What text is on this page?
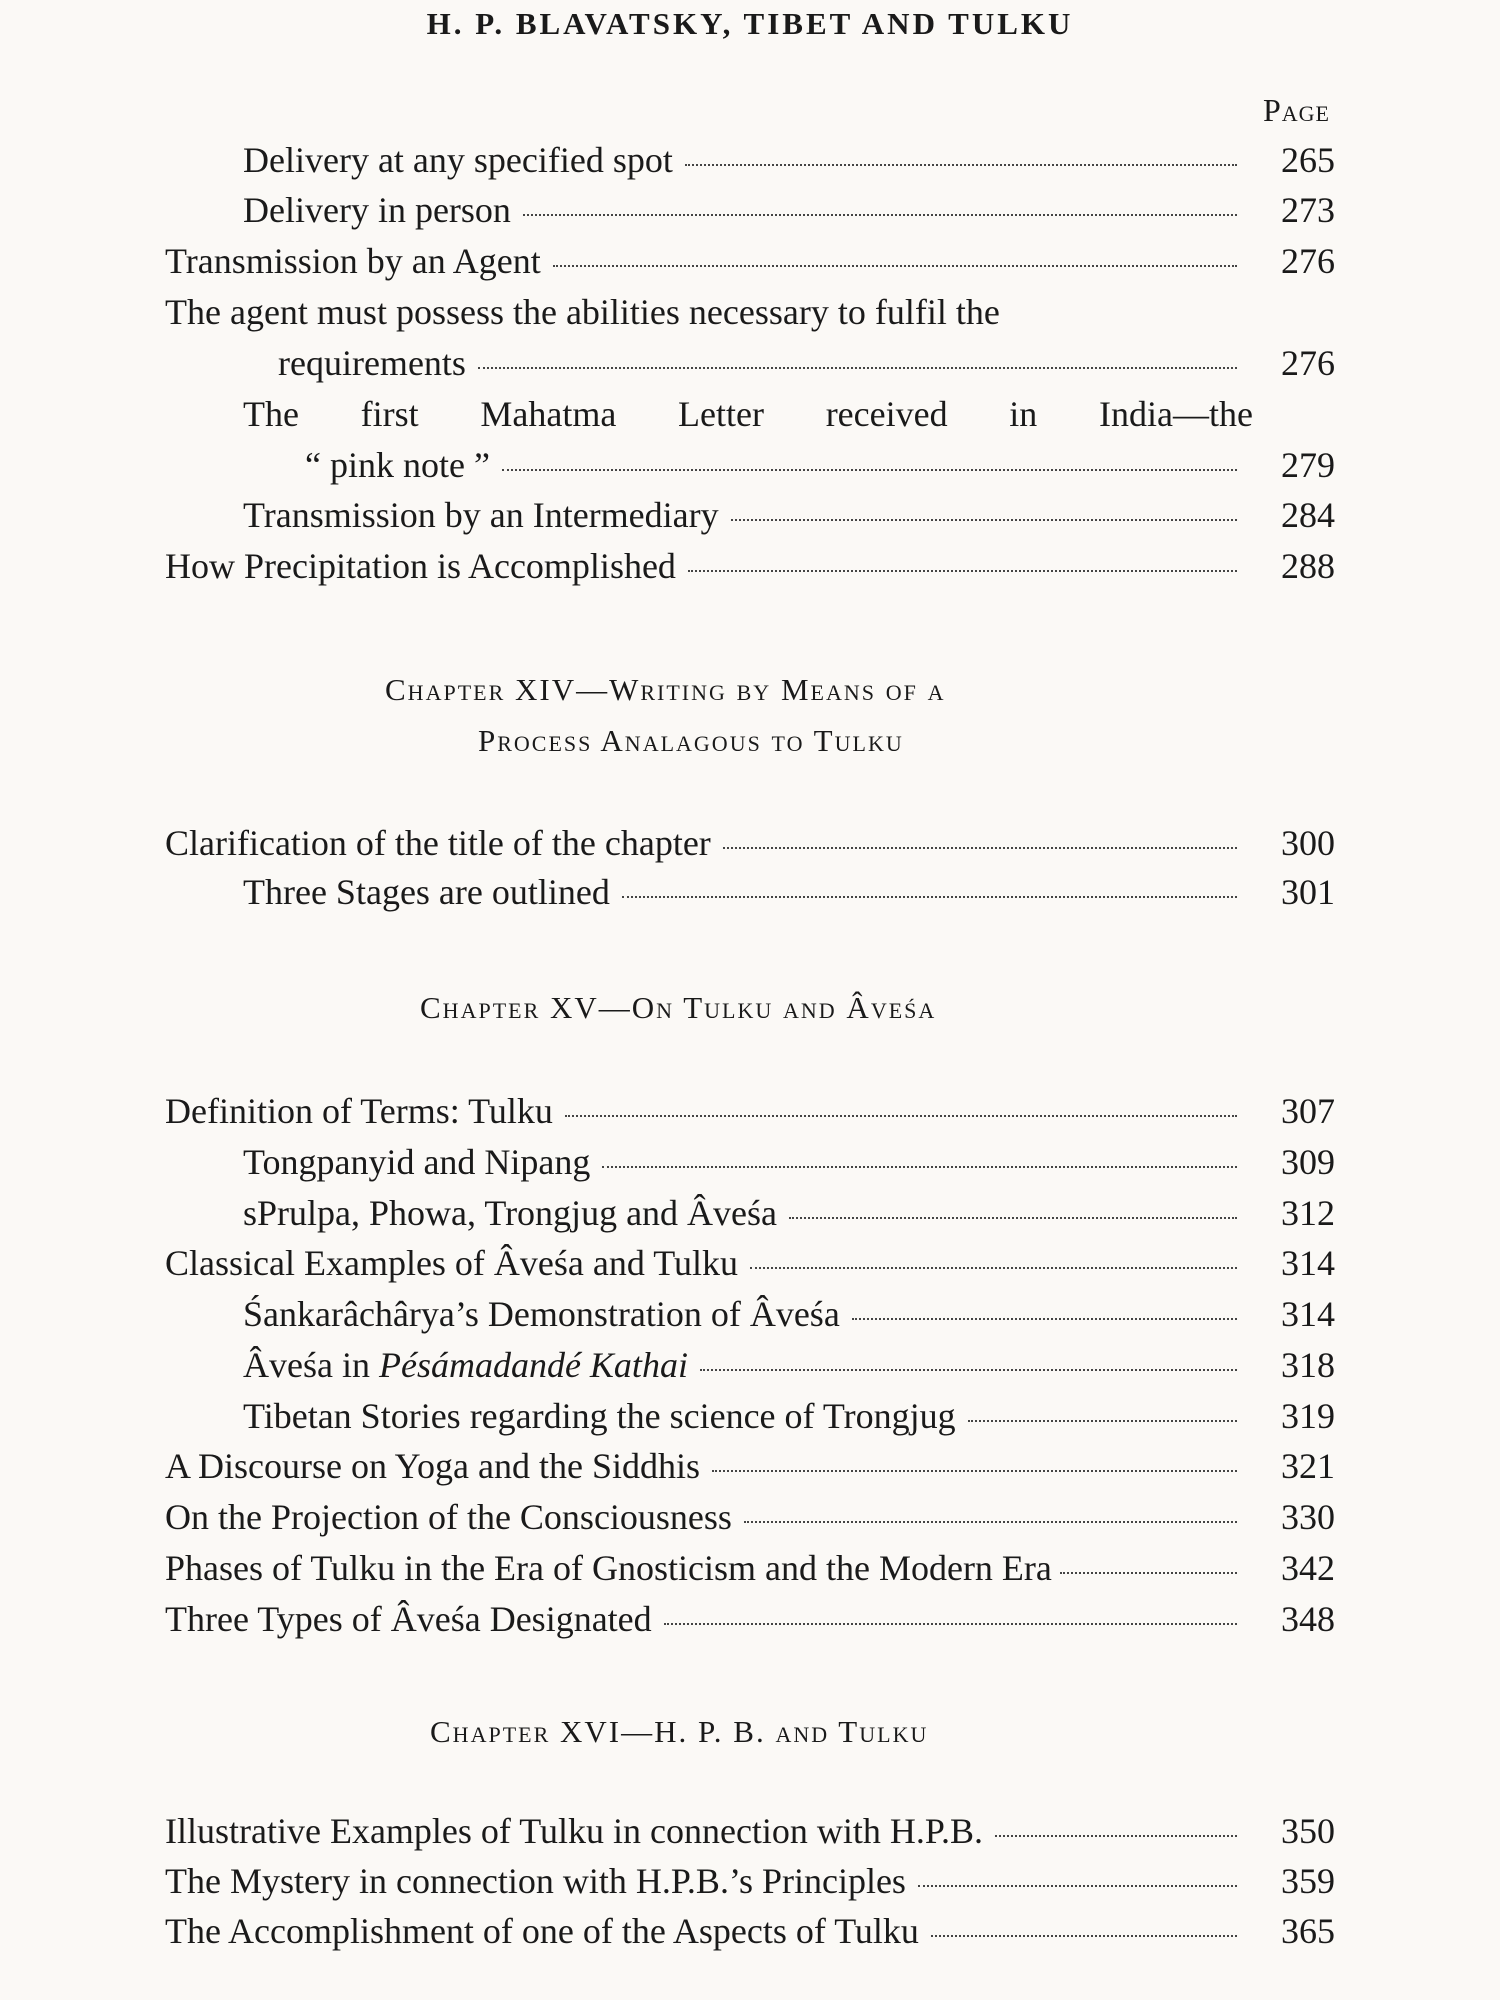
H. P. BLAVATSKY, TIBET AND TULKU
Page
Delivery at any specified spot	265
Delivery in person	273
Transmission by an Agent	276
The agent must possess the abilities necessary to fulfil the
requirements	276
The first Mahatma Letter received in India—the
“ pink note ”	279
Transmission by an Intermediary	284
How Precipitation is Accomplished	288
Chapter XIV—Writing by Means of a
Process Analagous to Tulku
Clarification of the title of the chapter	300
Three Stages are outlined	301
Chapter XV—On Tulku and Âveśa
Definition of Terms: Tulku	307
Tongpanyid and Nipang	309
sPrulpa, Phowa, Trongjug and Âveśa	312
Classical Examples of Âveśa and Tulku	314
Śankarâchârya’s Demonstration of Âveśa	314
Âveśa in Pésámadandé Kathai	318
Tibetan Stories regarding the science of Trongjug	319
A Discourse on Yoga and the Siddhis	321
On the Projection of the Consciousness	330
Phases of Tulku in the Era of Gnosticism and the Modern Era	342
Three Types of Âveśa Designated	348
Chapter XVI—H. P. B. and Tulku
Illustrative Examples of Tulku in connection with H.P.B.	350
The Mystery in connection with H.P.B.’s Principles	359
The Accomplishment of one of the Aspects of Tulku	365
